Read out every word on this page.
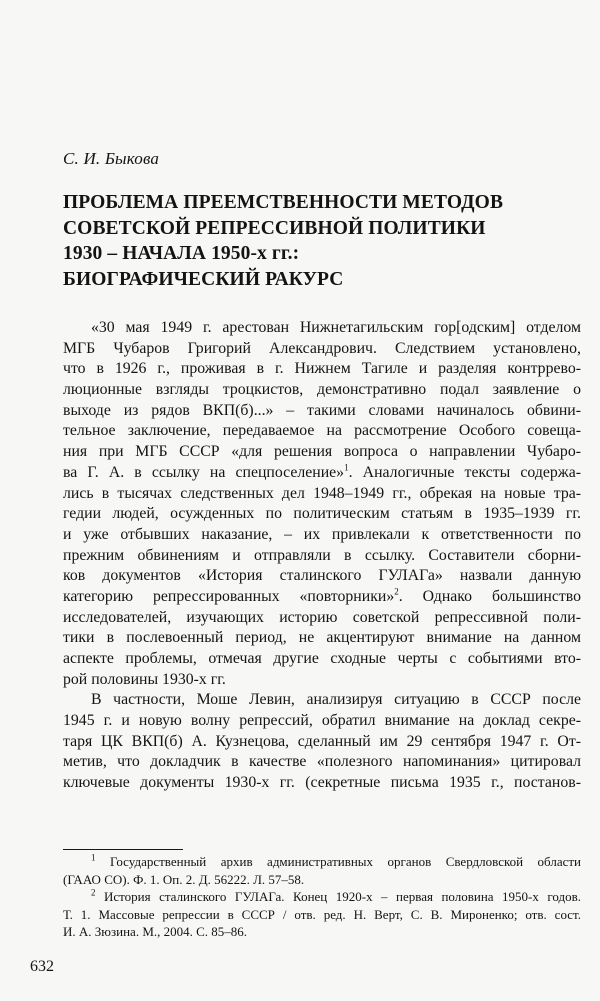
С. И. Быкова
ПРОБЛЕМА ПРЕЕМСТВЕННОСТИ МЕТОДОВ
СОВЕТСКОЙ РЕПРЕССИВНОЙ ПОЛИТИКИ
1930 – НАЧАЛА 1950-х гг.:
БИОГРАФИЧЕСКИЙ РАКУРС
«30 мая 1949 г. арестован Нижнетагильским гор[одским] отделом
МГБ Чубаров Григорий Александрович. Следствием установлено,
что в 1926 г., проживая в г. Нижнем Тагиле и разделяя контррево-
люционные взгляды троцкистов, демонстративно подал заявление о
выходе из рядов ВКП(б)...» – такими словами начиналось обвини-
тельное заключение, передаваемое на рассмотрение Особого совеща-
ния при МГБ СССР «для решения вопроса о направлении Чубаро-
ва Г. А. в ссылку на спецпоселение»$^1$. Аналогичные тексты содержа-
лись в тысячах следственных дел 1948–1949 гг., обрекая на новые тра-
гедии людей, осужденных по политическим статьям в 1935–1939 гг.
и уже отбывших наказание, – их привлекали к ответственности по
прежним обвинениям и отправляли в ссылку. Составители сборни-
ков документов «История сталинского ГУЛАГа» назвали данную
категорию репрессированных «повторники»$^2$. Однако большинство
исследователей, изучающих историю советской репрессивной поли-
тики в послевоенный период, не акцентируют внимание на данном
аспекте проблемы, отмечая другие сходные черты с событиями вто-
рой половины 1930-х гг.
В частности, Моше Левин, анализируя ситуацию в СССР после
1945 г. и новую волну репрессий, обратил внимание на доклад секре-
таря ЦК ВКП(б) А. Кузнецова, сделанный им 29 сентября 1947 г. От-
метив, что докладчик в качестве «полезного напоминания» цитировал
ключевые документы 1930-х гг. (секретные письма 1935 г., постанов-
$^1$ Государственный архив административных органов Свердловской области
(ГААО СО). Ф. 1. Оп. 2. Д. 56222. Л. 57–58.
$^2$ История сталинского ГУЛАГа. Конец 1920-х – первая половина 1950-х годов.
Т. 1. Массовые репрессии в СССР / отв. ред. Н. Верт, С. В. Мироненко; отв. сост.
И. А. Зюзина. М., 2004. С. 85–86.
632
